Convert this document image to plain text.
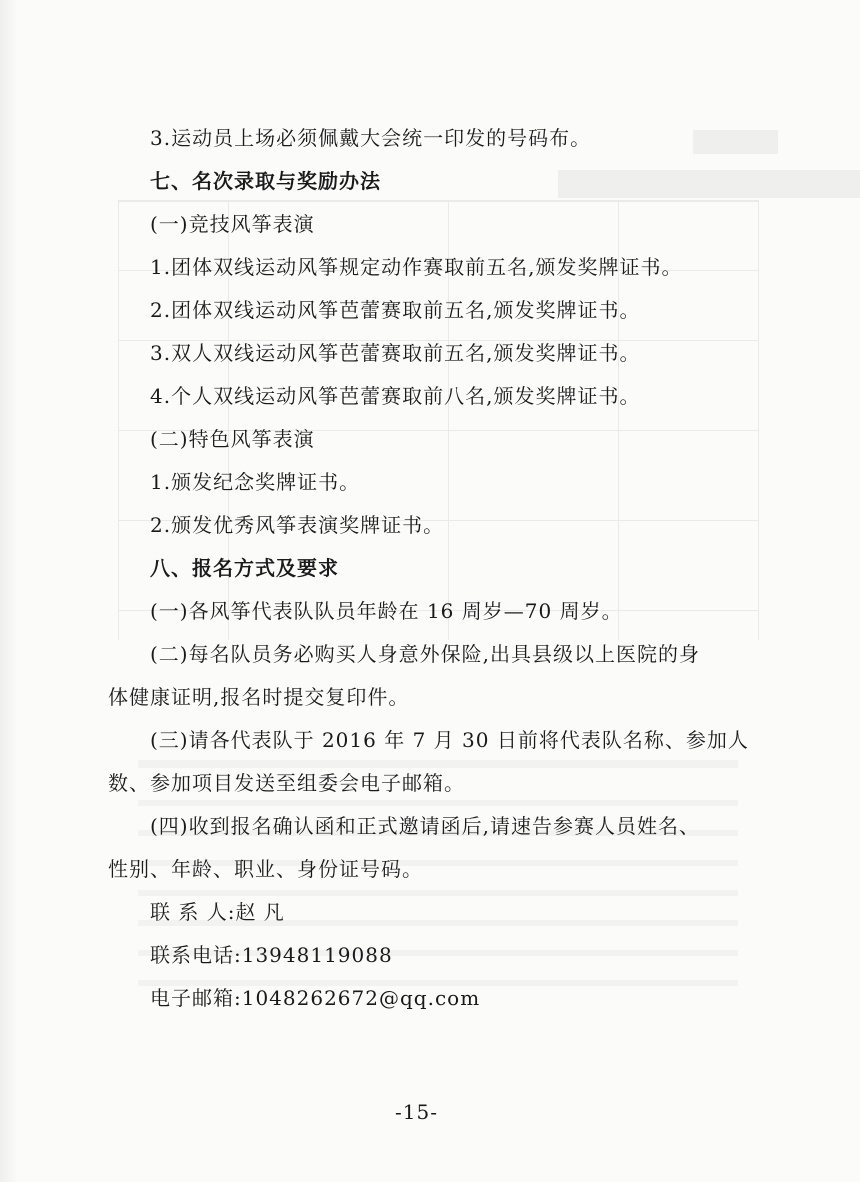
3.运动员上场必须佩戴大会统一印发的号码布。
七、名次录取与奖励办法
(一)竞技风筝表演
1.团体双线运动风筝规定动作赛取前五名,颁发奖牌证书。
2.团体双线运动风筝芭蕾赛取前五名,颁发奖牌证书。
3.双人双线运动风筝芭蕾赛取前五名,颁发奖牌证书。
4.个人双线运动风筝芭蕾赛取前八名,颁发奖牌证书。
(二)特色风筝表演
1.颁发纪念奖牌证书。
2.颁发优秀风筝表演奖牌证书。
八、报名方式及要求
(一)各风筝代表队队员年龄在 16 周岁—70 周岁。
(二)每名队员务必购买人身意外保险,出具县级以上医院的身
体健康证明,报名时提交复印件。
(三)请各代表队于 2016 年 7 月 30 日前将代表队名称、参加人
数、参加项目发送至组委会电子邮箱。
(四)收到报名确认函和正式邀请函后,请速告参赛人员姓名、
性别、年龄、职业、身份证号码。
联 系 人:赵 凡
联系电话:13948119088
电子邮箱:1048262672@qq.com
-15-
